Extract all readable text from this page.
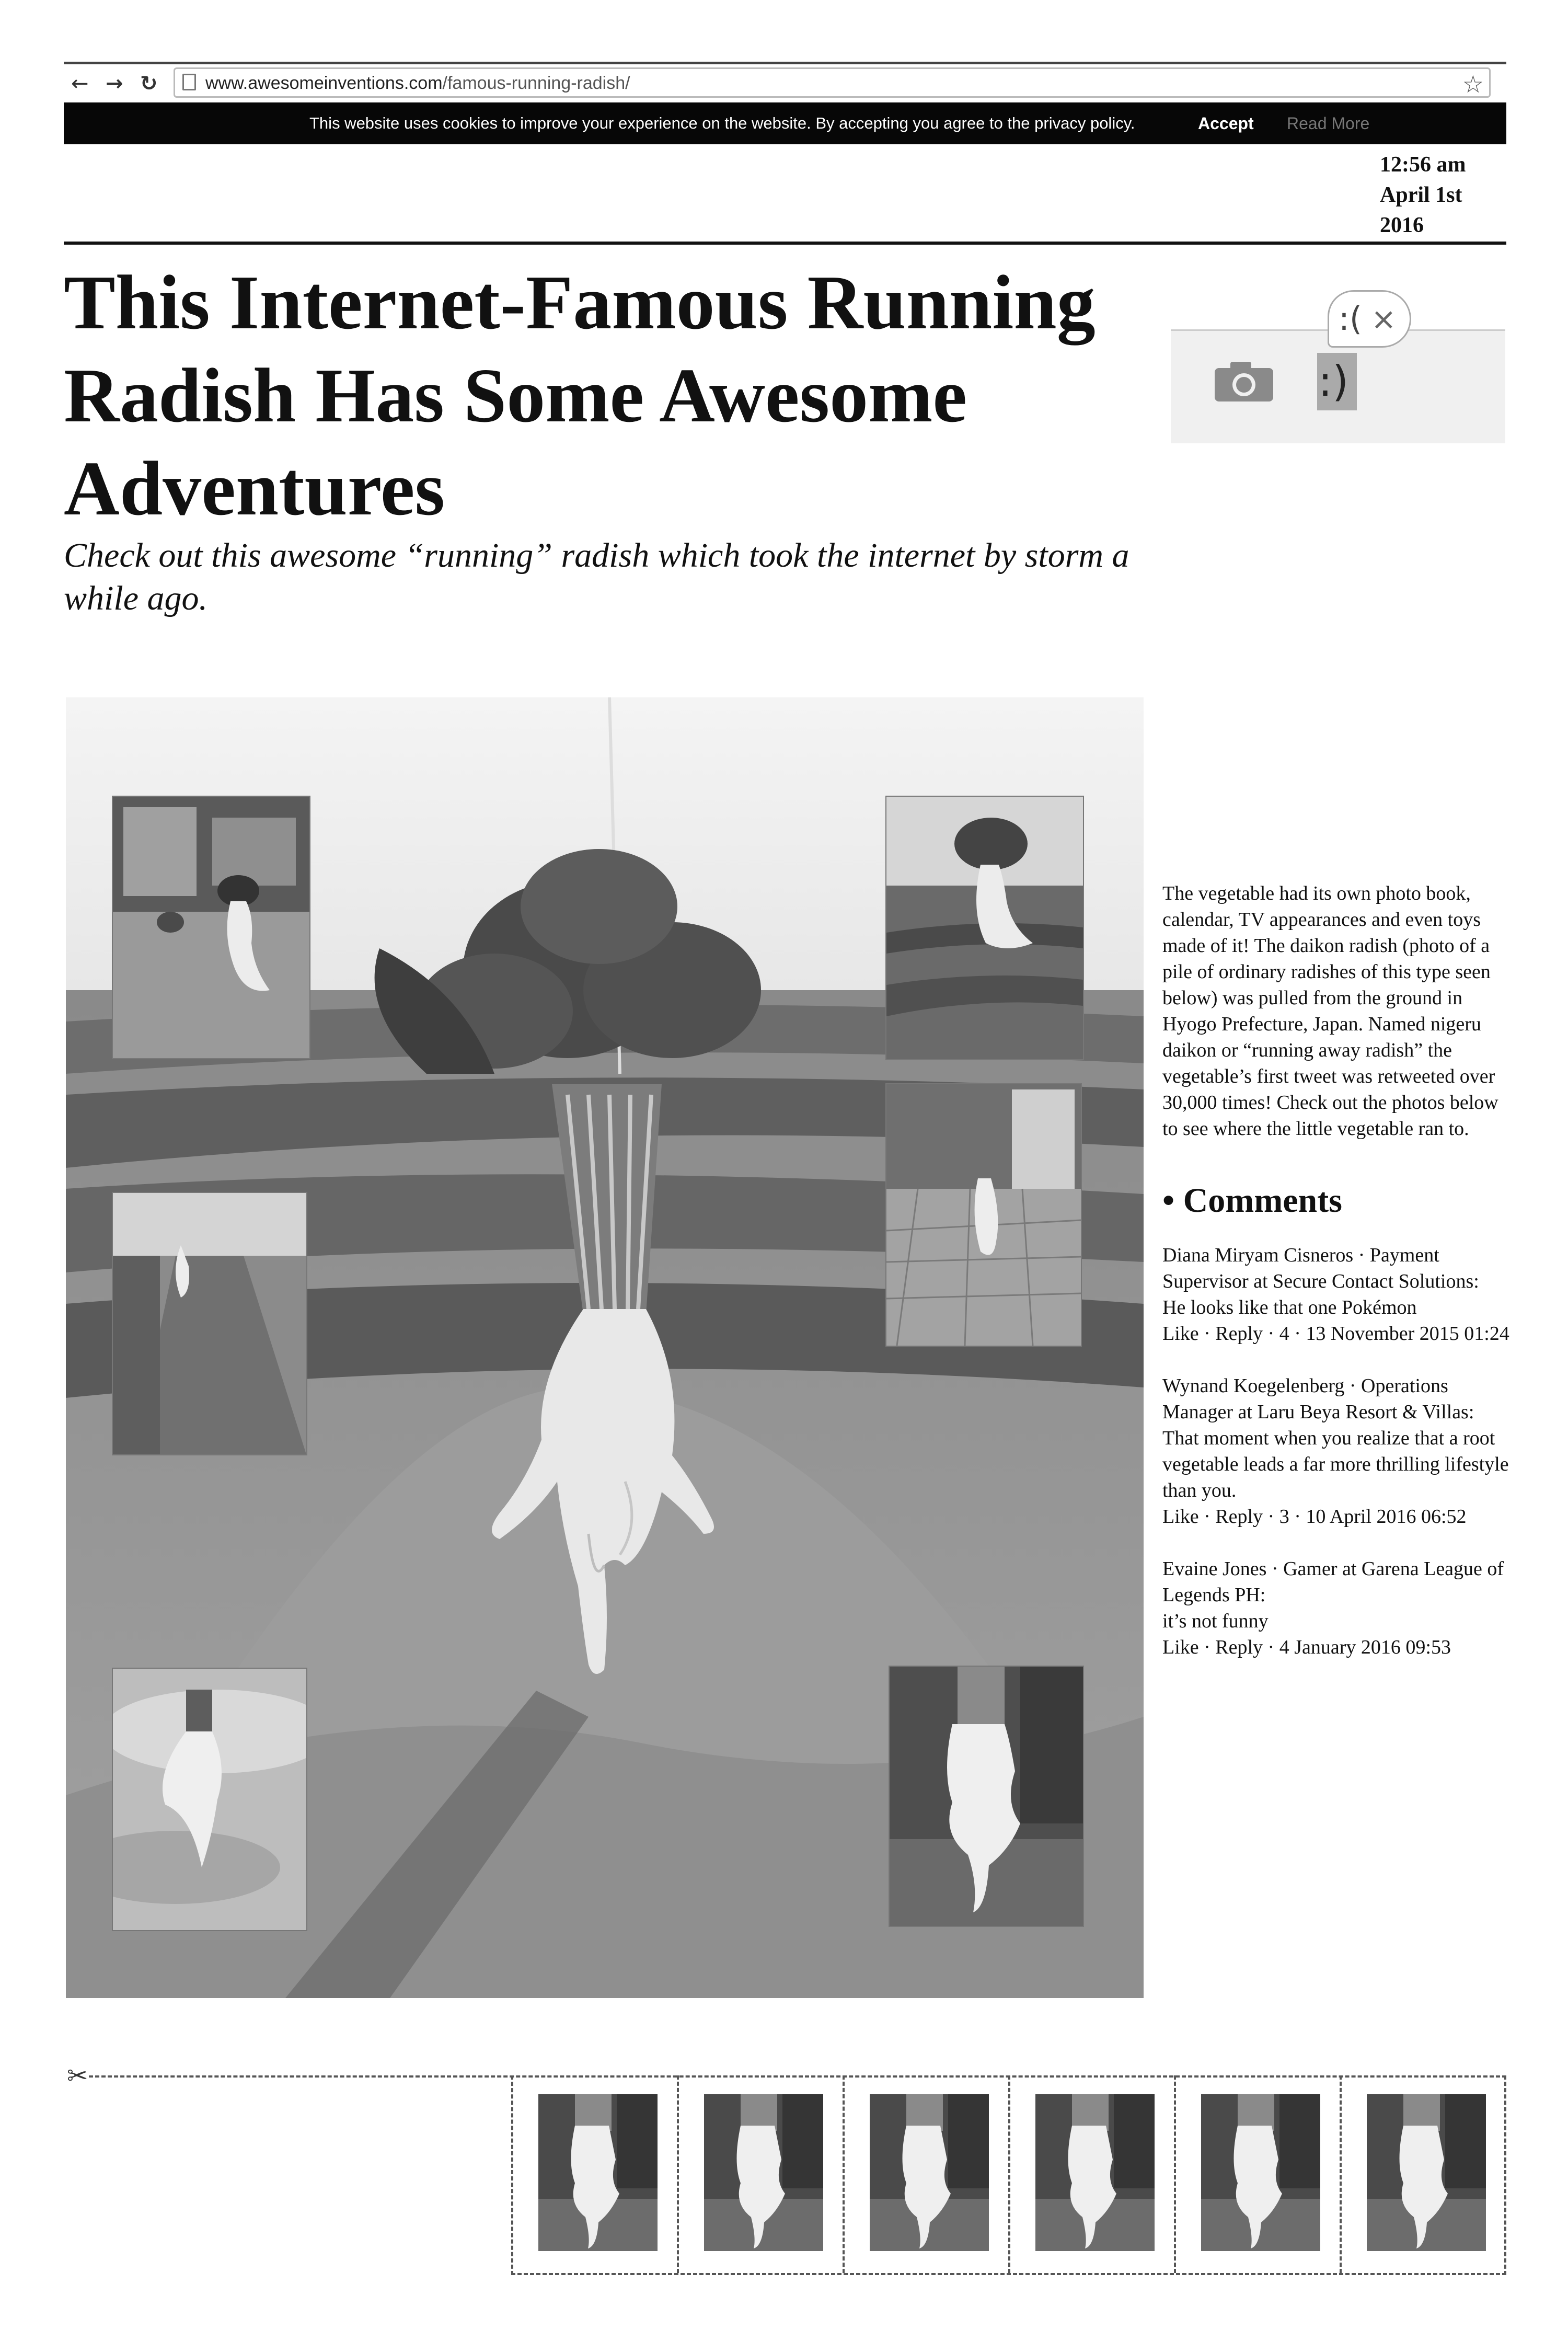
← → ↻	www.awesomeinventions.com/famous-running-radish/	☆
This website uses cookies to improve your experience on the website. By accepting you agree to the privacy policy.	Accept Read More
12:56 am
April 1st
2016
This Internet-Famous Running Radish Has Some Awesome Adventures

Check out this awesome “running” radish which took the internet by storm a while ago.

:)
:( ×

The vegetable had its own photo book, calendar, TV appearances and even toys made of it! The daikon radish (photo of a pile of ordinary radishes of this type seen below) was pulled from the ground in Hyogo Prefecture, Japan. Named nigeru daikon or “running away radish” the vegetable’s first tweet was retweeted over 30,000 times! Check out the photos below to see where the little vegetable ran to.

• Comments
Diana Miryam Cisneros · Payment Supervisor at Secure Contact Solutions:
He looks like that one Pokémon
Like · Reply · 4 · 13 November 2015 01:24
Wynand Koegelenberg · Operations Manager at Laru Beya Resort & Villas:
That moment when you realize that a root vegetable leads a far more thrilling lifestyle than you.
Like · Reply · 3 · 10 April 2016 06:52
Evaine Jones · Gamer at Garena League of Legends PH:
it’s not funny
Like · Reply · 4 January 2016 09:53
✂
